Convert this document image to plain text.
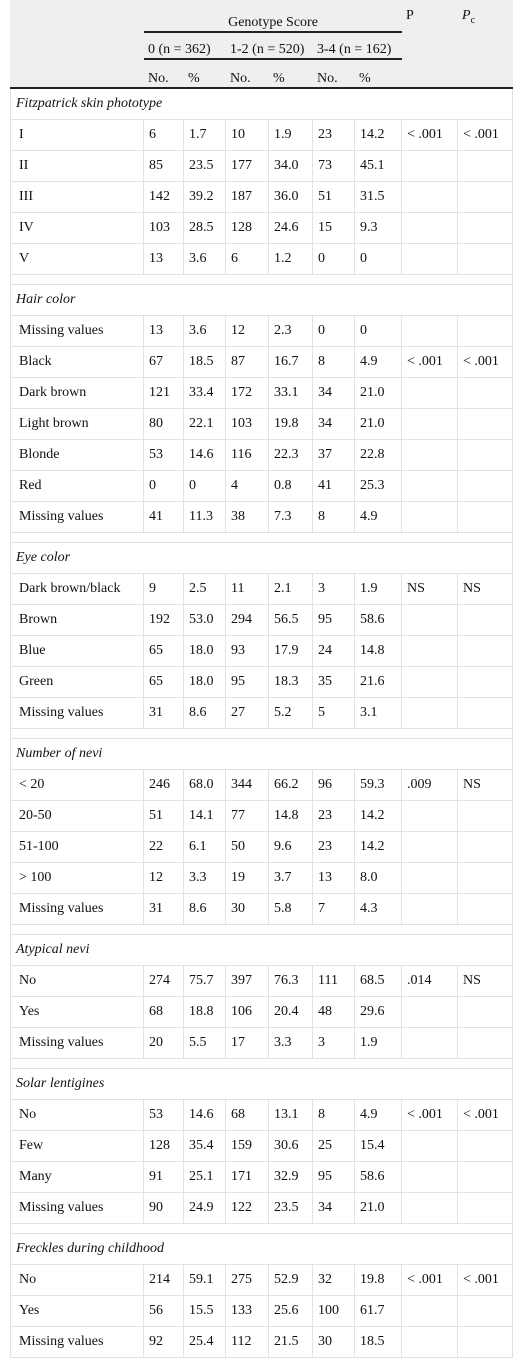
	Genotype Score						P	$P_c$
	0 (n = 362)		1-2 (n = 520)		3-4 (n = 162)			
	No.	%	No.	%	No.	%		
Fitzpatrick skin phototype								
I	6	1.7	10	1.9	23	14.2	< .001	< .001
II	85	23.5	177	34.0	73	45.1		
III	142	39.2	187	36.0	51	31.5		
IV	103	28.5	128	24.6	15	9.3		
V	13	3.6	6	1.2	0	0		

Hair color								
Missing values	13	3.6	12	2.3	0	0		
Black	67	18.5	87	16.7	8	4.9	< .001	< .001
Dark brown	121	33.4	172	33.1	34	21.0		
Light brown	80	22.1	103	19.8	34	21.0		
Blonde	53	14.6	116	22.3	37	22.8		
Red	0	0	4	0.8	41	25.3		
Missing values	41	11.3	38	7.3	8	4.9		

Eye color								
Dark brown/black	9	2.5	11	2.1	3	1.9	NS	NS
Brown	192	53.0	294	56.5	95	58.6		
Blue	65	18.0	93	17.9	24	14.8		
Green	65	18.0	95	18.3	35	21.6		
Missing values	31	8.6	27	5.2	5	3.1		

Number of nevi								
< 20	246	68.0	344	66.2	96	59.3	.009	NS
20-50	51	14.1	77	14.8	23	14.2		
51-100	22	6.1	50	9.6	23	14.2		
> 100	12	3.3	19	3.7	13	8.0		
Missing values	31	8.6	30	5.8	7	4.3		

Atypical nevi								
No	274	75.7	397	76.3	111	68.5	.014	NS
Yes	68	18.8	106	20.4	48	29.6		
Missing values	20	5.5	17	3.3	3	1.9		

Solar lentigines								
No	53	14.6	68	13.1	8	4.9	< .001	< .001
Few	128	35.4	159	30.6	25	15.4		
Many	91	25.1	171	32.9	95	58.6		
Missing values	90	24.9	122	23.5	34	21.0		

Freckles during childhood								
No	214	59.1	275	52.9	32	19.8	< .001	< .001
Yes	56	15.5	133	25.6	100	61.7		
Missing values	92	25.4	112	21.5	30	18.5		
